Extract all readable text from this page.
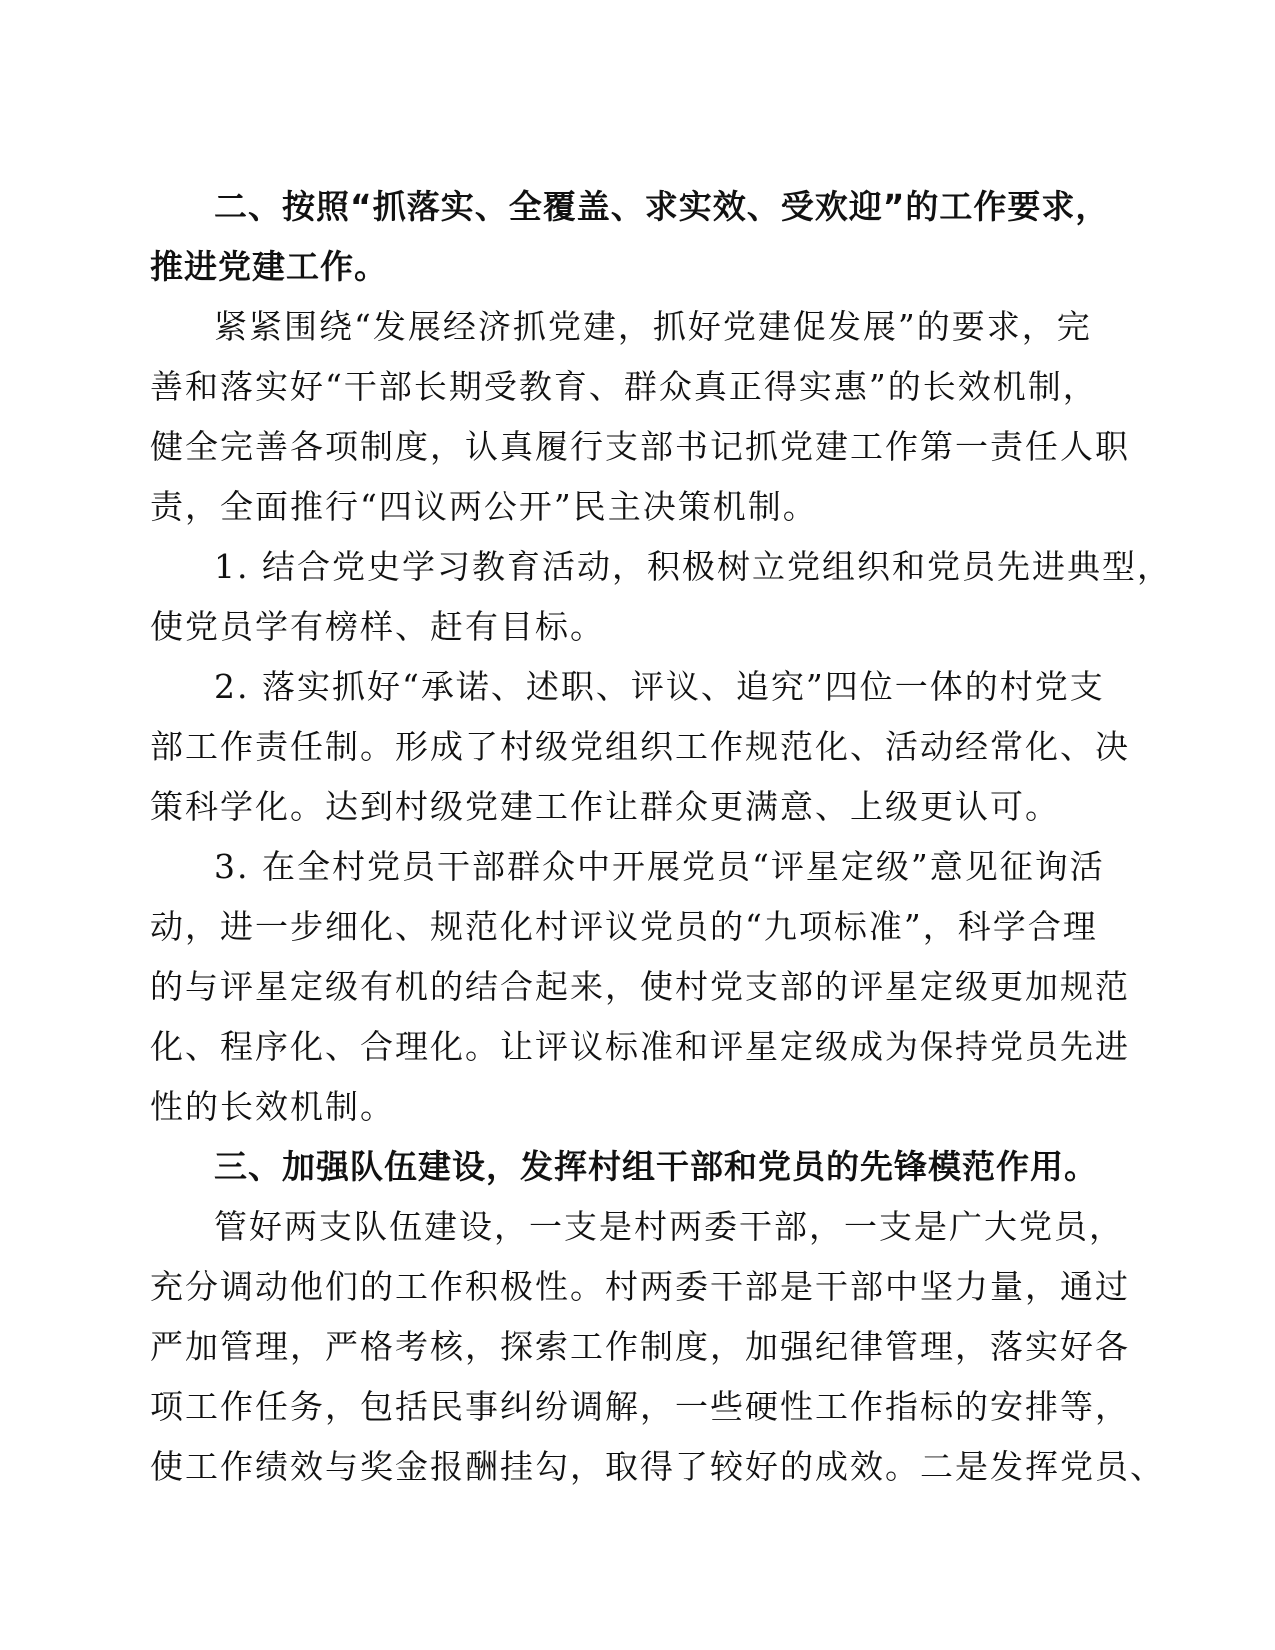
二、按照“抓落实、全覆盖、求实效、受欢迎”的工作要求，
推进党建工作。
紧紧围绕“发展经济抓党建，抓好党建促发展”的要求，完
善和落实好“干部长期受教育、群众真正得实惠”的长效机制，
健全完善各项制度，认真履行支部书记抓党建工作第一责任人职
责，全面推行“四议两公开”民主决策机制。
1. 结合党史学习教育活动，积极树立党组织和党员先进典型，
使党员学有榜样、赶有目标。
2. 落实抓好“承诺、述职、评议、追究”四位一体的村党支
部工作责任制。形成了村级党组织工作规范化、活动经常化、决
策科学化。达到村级党建工作让群众更满意、上级更认可。
3. 在全村党员干部群众中开展党员“评星定级”意见征询活
动，进一步细化、规范化村评议党员的“九项标准”，科学合理
的与评星定级有机的结合起来，使村党支部的评星定级更加规范
化、程序化、合理化。让评议标准和评星定级成为保持党员先进
性的长效机制。
三、加强队伍建设，发挥村组干部和党员的先锋模范作用。
管好两支队伍建设，一支是村两委干部，一支是广大党员，
充分调动他们的工作积极性。村两委干部是干部中坚力量，通过
严加管理，严格考核，探索工作制度，加强纪律管理，落实好各
项工作任务，包括民事纠纷调解，一些硬性工作指标的安排等，
使工作绩效与奖金报酬挂勾，取得了较好的成效。二是发挥党员、
